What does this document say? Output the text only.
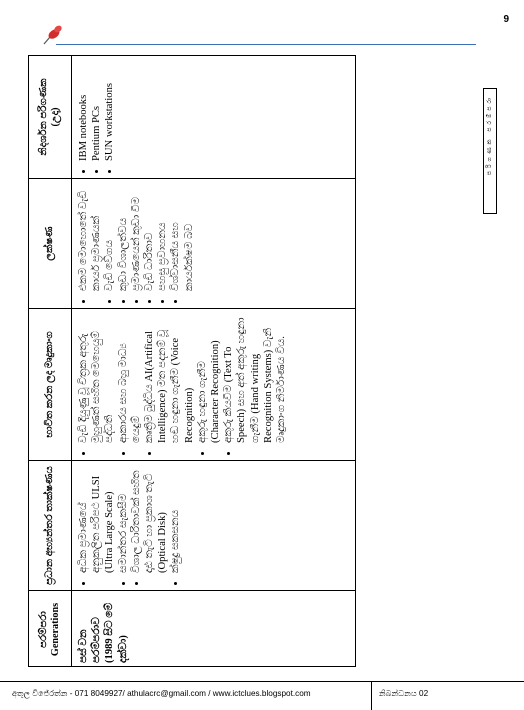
9
පරම්පරා Generations පස් වන පරම්පරාව (1989 සිට මේ දක්වා)

ප්‍රධාන අභ්‍යන්තර තාක්ෂණය • අධික ප්‍රමාණයේ අනුකලිත පරිපථ ULSI (Ultra Large Scale) • සමාන්තර සැකසීම • විශාල ධාරිතාවක් සහිත දෘඪ තැටි හා ප්‍රකාශ තැටි (Optical Disk) • ක්ෂුද්‍ර සකසනය
භාවිත කරන ලද මෘදුකාංග • වැඩි දියුණු වූ චිත්‍රක අතුරු මුහුණත් සහිත මෙහෙයුම් පද්ධති • ආකාරය සහ බහු මාධ්‍ය යෙදුම් • කෘත්‍රිම බුද්ධිය AI(Artifical Intelligence) මත පදනම් වූ හඬ හඳුනා ගැනීම (Voice Recognition) • අකුරු හඳුනා ගැනීම (Character Recognition) • අකුරු කියවීම (Text To Speech) සහ අත් අකුරු හඳුනා ගැනීම (Hand writing Recognition Systems) වැනි මෘදුකාංග නිර්මාණය විය.
ලක්ෂණ • එකම මොහොතේ වැඩි කාර්ය ප්‍රමාණයක් • වැඩි වේගය • කුඩා විශාලත්වය • ප්‍රමාණයෙන් කුඩා වීම • වැඩි ධාරිතාව • පහසු ප්‍රවාහනය • විශ්වාසනීය සහ කාර්යක්ෂම බව
නිදර්ශන පරිගණක (උදා) • IBM notebooks • Pentium PCs • SUN workstations	පරිගණක පරම්පරා
අතුල විජේරත්න - 071 8049927/ athulacrc@gmail.com / www.ictclues.blogspot.com	නිබන්ධනය 02
